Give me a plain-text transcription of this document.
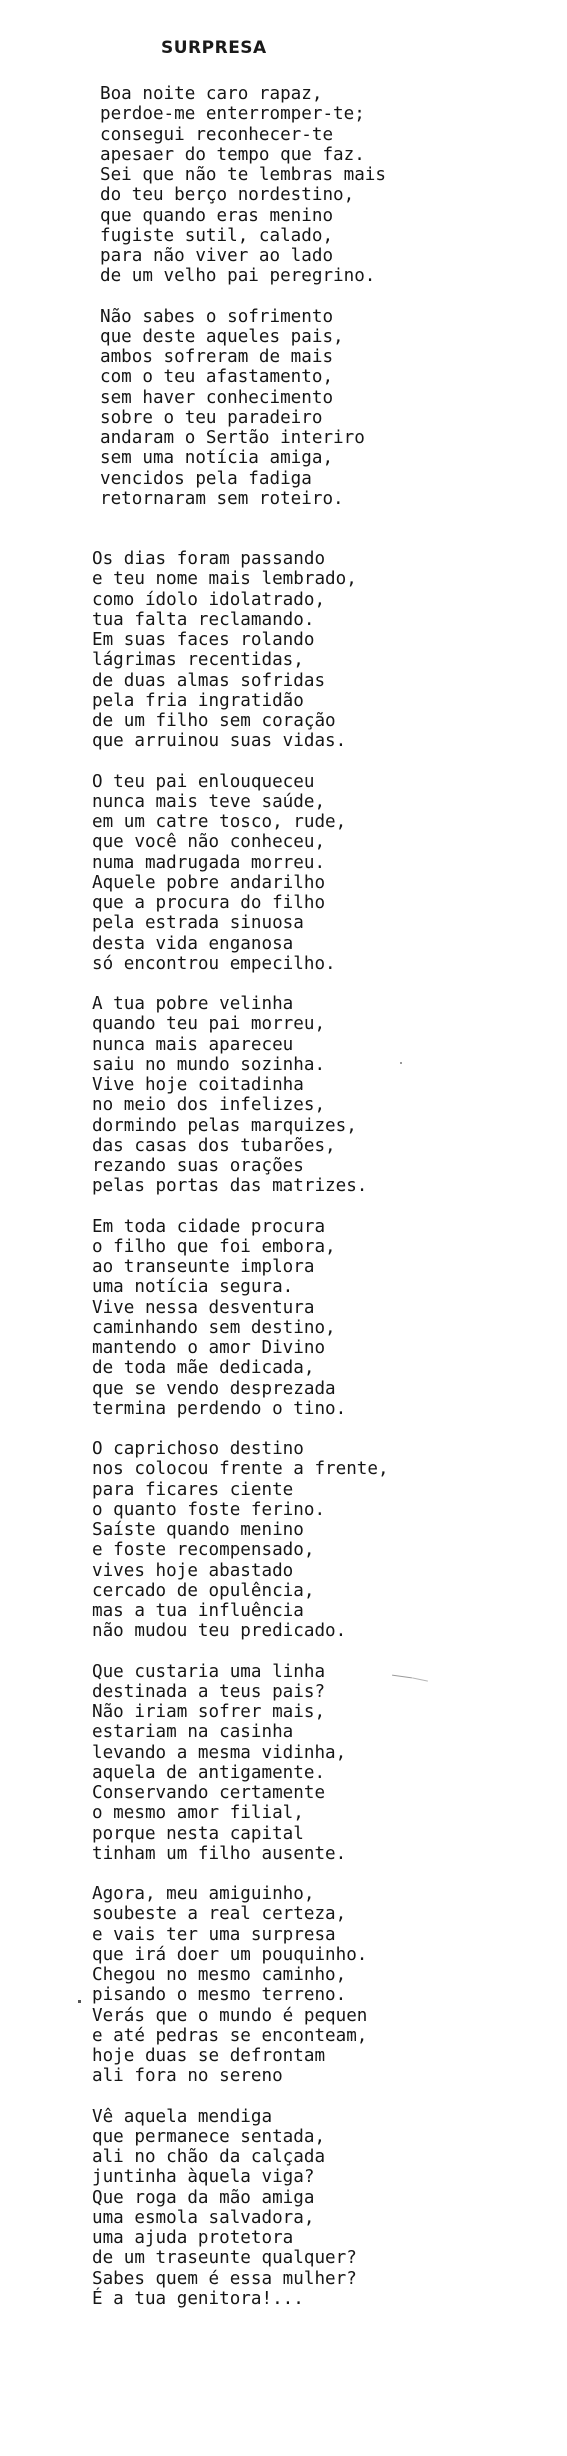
SURPRESA
Boa noite caro rapaz,
perdoe-me enterromper-te;
consegui reconhecer-te
apesaer do tempo que faz.
Sei que não te lembras mais
do teu berço nordestino,
que quando eras menino
fugiste sutil, calado,
para não viver ao lado
de um velho pai peregrino.
Não sabes o sofrimento
que deste aqueles pais,
ambos sofreram de mais
com o teu afastamento,
sem haver conhecimento
sobre o teu paradeiro
andaram o Sertão interiro
sem uma notícia amiga,
vencidos pela fadiga
retornaram sem roteiro.
Os dias foram passando
e teu nome mais lembrado,
como ídolo idolatrado,
tua falta reclamando.
Em suas faces rolando
lágrimas recentidas,
de duas almas sofridas
pela fria ingratidão
de um filho sem coração
que arruinou suas vidas.
O teu pai enlouqueceu
nunca mais teve saúde,
em um catre tosco, rude,
que você não conheceu,
numa madrugada morreu.
Aquele pobre andarilho
que a procura do filho
pela estrada sinuosa
desta vida enganosa
só encontrou empecilho.
A tua pobre velinha
quando teu pai morreu,
nunca mais apareceu
saiu no mundo sozinha.
Vive hoje coitadinha
no meio dos infelizes,
dormindo pelas marquizes,
das casas dos tubarões,
rezando suas orações
pelas portas das matrizes.
Em toda cidade procura
o filho que foi embora,
ao transeunte implora
uma notícia segura.
Vive nessa desventura
caminhando sem destino,
mantendo o amor Divino
de toda mãe dedicada,
que se vendo desprezada
termina perdendo o tino.
O caprichoso destino
nos colocou frente a frente,
para ficares ciente
o quanto foste ferino.
Saíste quando menino
e foste recompensado,
vives hoje abastado
cercado de opulência,
mas a tua influência
não mudou teu predicado.
Que custaria uma linha
destinada a teus pais?
Não iriam sofrer mais,
estariam na casinha
levando a mesma vidinha,
aquela de antigamente.
Conservando certamente
o mesmo amor filial,
porque nesta capital
tinham um filho ausente.
Agora, meu amiguinho,
soubeste a real certeza,
e vais ter uma surpresa
que irá doer um pouquinho.
Chegou no mesmo caminho,
pisando o mesmo terreno.
Verás que o mundo é pequen
e até pedras se enconteam,
hoje duas se defrontam
ali fora no sereno
Vê aquela mendiga
que permanece sentada,
ali no chão da calçada
juntinha àquela viga?
Que roga da mão amiga
uma esmola salvadora,
uma ajuda protetora
de um traseunte qualquer?
Sabes quem é essa mulher?
É a tua genitora!...
